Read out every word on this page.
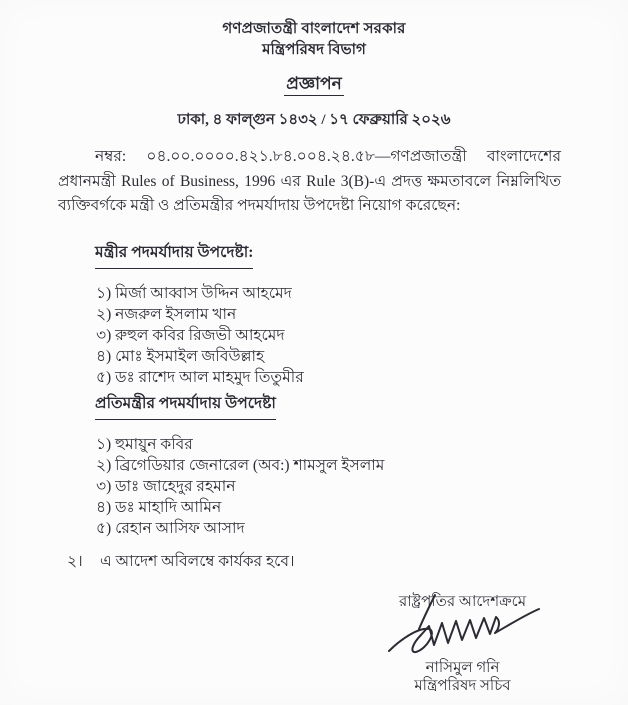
গণপ্রজাতন্ত্রী বাংলাদেশ সরকার
মন্ত্রিপরিষদ বিভাগ
প্রজ্ঞাপন
ঢাকা, ৪ ফাল্গুন ১৪৩২ / ১৭ ফেব্রুয়ারি ২০২৬

নম্বর: ০৪.০০.০০০০.৪২১.৮৪.০০৪.২৪.৫৮—গণপ্রজাতন্ত্রী বাংলাদেশের প্রধানমন্ত্রী Rules of Business, 1996 এর Rule 3(B)-এ প্রদত্ত ক্ষমতাবলে নিম্নলিখিত ব্যক্তিবর্গকে মন্ত্রী ও প্রতিমন্ত্রীর পদমর্যাদায় উপদেষ্টা নিয়োগ করেছেন:

মন্ত্রীর পদমর্যাদায় উপদেষ্টা:
১) মির্জা আব্বাস উদ্দিন আহমেদ
২) নজরুল ইসলাম খান
৩) রুহুল কবির রিজভী আহমেদ
৪) মোঃ ইসমাইল জবিউল্লাহ
৫) ডঃ রাশেদ আল মাহমুদ তিতুমীর
প্রতিমন্ত্রীর পদমর্যাদায় উপদেষ্টা
১) হুমায়ুন কবির
২) ব্রিগেডিয়ার জেনারেল (অব:) শামসুল ইসলাম
৩) ডাঃ জাহেদুর রহমান
৪) ডঃ মাহাদি আমিন
৫) রেহান আসিফ আসাদ
২। এ আদেশ অবিলম্বে কার্যকর হবে।
রাষ্ট্রপতির আদেশক্রমে
নাসিমুল গনি
মন্ত্রিপরিষদ সচিব
